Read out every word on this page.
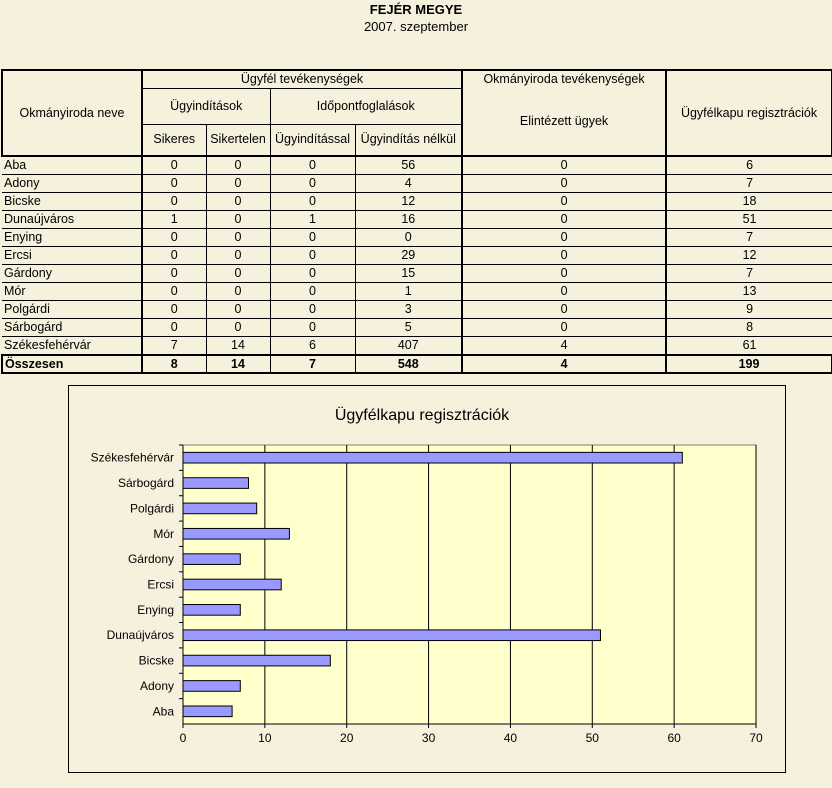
FEJÉR MEGYE
2007. szeptember
Okmányiroda neve	Ügyfél tevékenységek				Okmányiroda tevékenységek	Ügyfélkapu regisztrációk
	Ügyindítások		Időpontfoglalások		Elintézett ügyek	
	Sikeres	Sikertelen	Ügyindítással	Ügyindítás nélkül		
Aba	0	0	0	56	0	6
Adony	0	0	0	4	0	7
Bicske	0	0	0	12	0	18
Dunaújváros	1	0	1	16	0	51
Enying	0	0	0	0	0	7
Ercsi	0	0	0	29	0	12
Gárdony	0	0	0	15	0	7
Mór	0	0	0	1	0	13
Polgárdi	0	0	0	3	0	9
Sárbogárd	0	0	0	5	0	8
Székesfehérvár	7	14	6	407	4	61
Összesen	8	14	7	548	4	199
Ügyfélkapu regisztrációk
0	10	20	30	40	50	60	70
Székesfehérvár
Sárbogárd
Polgárdi
Mór
Gárdony
Ercsi
Enying
Dunaújváros
Bicske
Adony
Aba
